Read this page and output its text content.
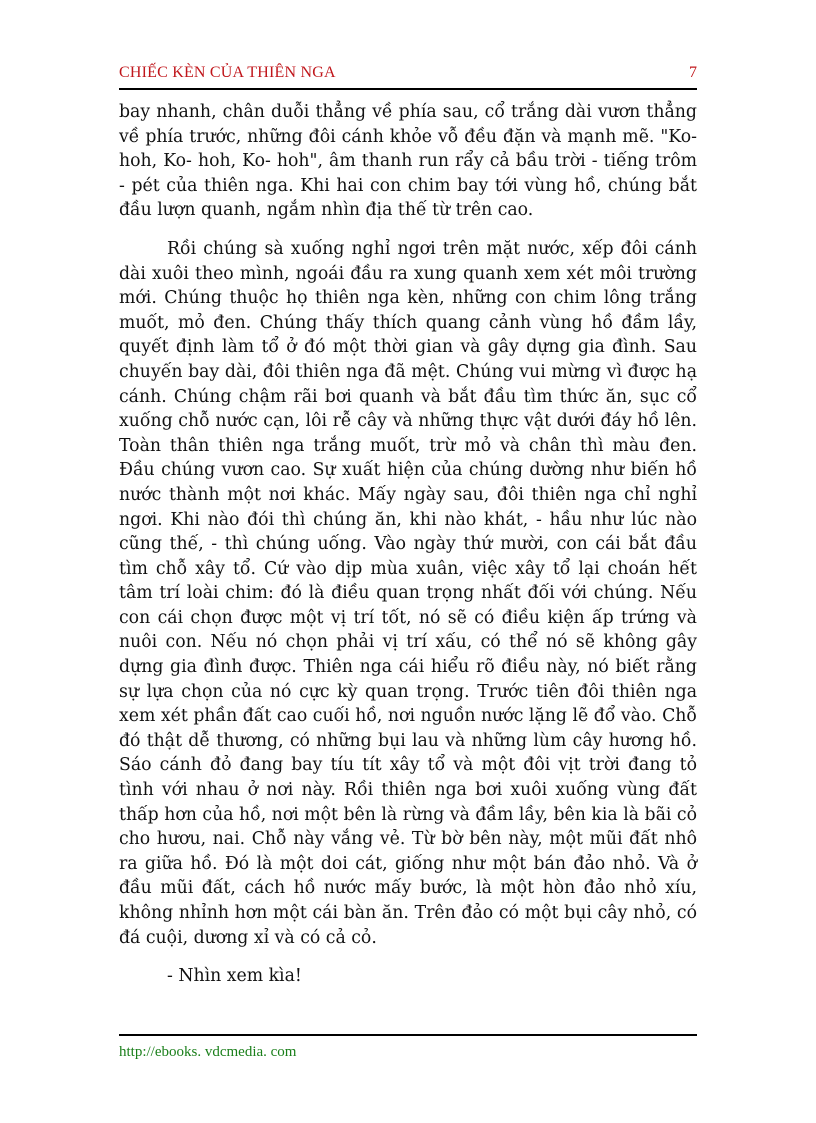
CHIẾC KÈN CỦA THIÊN NGA	7

bay nhanh, chân duỗi thẳng về phía sau, cổ trắng dài vươn thẳng về phía trước, những đôi cánh khỏe vỗ đều đặn và mạnh mẽ. "Ko- hoh, Ko- hoh, Ko- hoh", âm thanh run rẩy cả bầu trời - tiếng trôm - pét của thiên nga. Khi hai con chim bay tới vùng hồ, chúng bắt đầu lượn quanh, ngắm nhìn địa thế từ trên cao.

Rồi chúng sà xuống nghỉ ngơi trên mặt nước, xếp đôi cánh dài xuôi theo mình, ngoái đầu ra xung quanh xem xét môi trường mới. Chúng thuộc họ thiên nga kèn, những con chim lông trắng muốt, mỏ đen. Chúng thấy thích quang cảnh vùng hồ đầm lầy, quyết định làm tổ ở đó một thời gian và gây dựng gia đình. Sau chuyến bay dài, đôi thiên nga đã mệt. Chúng vui mừng vì được hạ cánh. Chúng chậm rãi bơi quanh và bắt đầu tìm thức ăn, sục cổ xuống chỗ nước cạn, lôi rễ cây và những thực vật dưới đáy hồ lên. Toàn thân thiên nga trắng muốt, trừ mỏ và chân thì màu đen. Đầu chúng vươn cao. Sự xuất hiện của chúng dường như biến hồ nước thành một nơi khác. Mấy ngày sau, đôi thiên nga chỉ nghỉ ngơi. Khi nào đói thì chúng ăn, khi nào khát, - hầu như lúc nào cũng thế, - thì chúng uống. Vào ngày thứ mười, con cái bắt đầu tìm chỗ xây tổ. Cứ vào dịp mùa xuân, việc xây tổ lại choán hết tâm trí loài chim: đó là điều quan trọng nhất đối với chúng. Nếu con cái chọn được một vị trí tốt, nó sẽ có điều kiện ấp trứng và nuôi con. Nếu nó chọn phải vị trí xấu, có thể nó sẽ không gây dựng gia đình được. Thiên nga cái hiểu rõ điều này, nó biết rằng sự lựa chọn của nó cực kỳ quan trọng. Trước tiên đôi thiên nga xem xét phần đất cao cuối hồ, nơi nguồn nước lặng lẽ đổ vào. Chỗ đó thật dễ thương, có những bụi lau và những lùm cây hương hồ. Sáo cánh đỏ đang bay tíu tít xây tổ và một đôi vịt trời đang tỏ tình với nhau ở nơi này. Rồi thiên nga bơi xuôi xuống vùng đất thấp hơn của hồ, nơi một bên là rừng và đầm lầy, bên kia là bãi cỏ cho hươu, nai. Chỗ này vắng vẻ. Từ bờ bên này, một mũi đất nhô ra giữa hồ. Đó là một doi cát, giống như một bán đảo nhỏ. Và ở đầu mũi đất, cách hồ nước mấy bước, là một hòn đảo nhỏ xíu, không nhỉnh hơn một cái bàn ăn. Trên đảo có một bụi cây nhỏ, có đá cuội, dương xỉ và có cả cỏ.

- Nhìn xem kìa!

http://ebooks. vdcmedia. com
